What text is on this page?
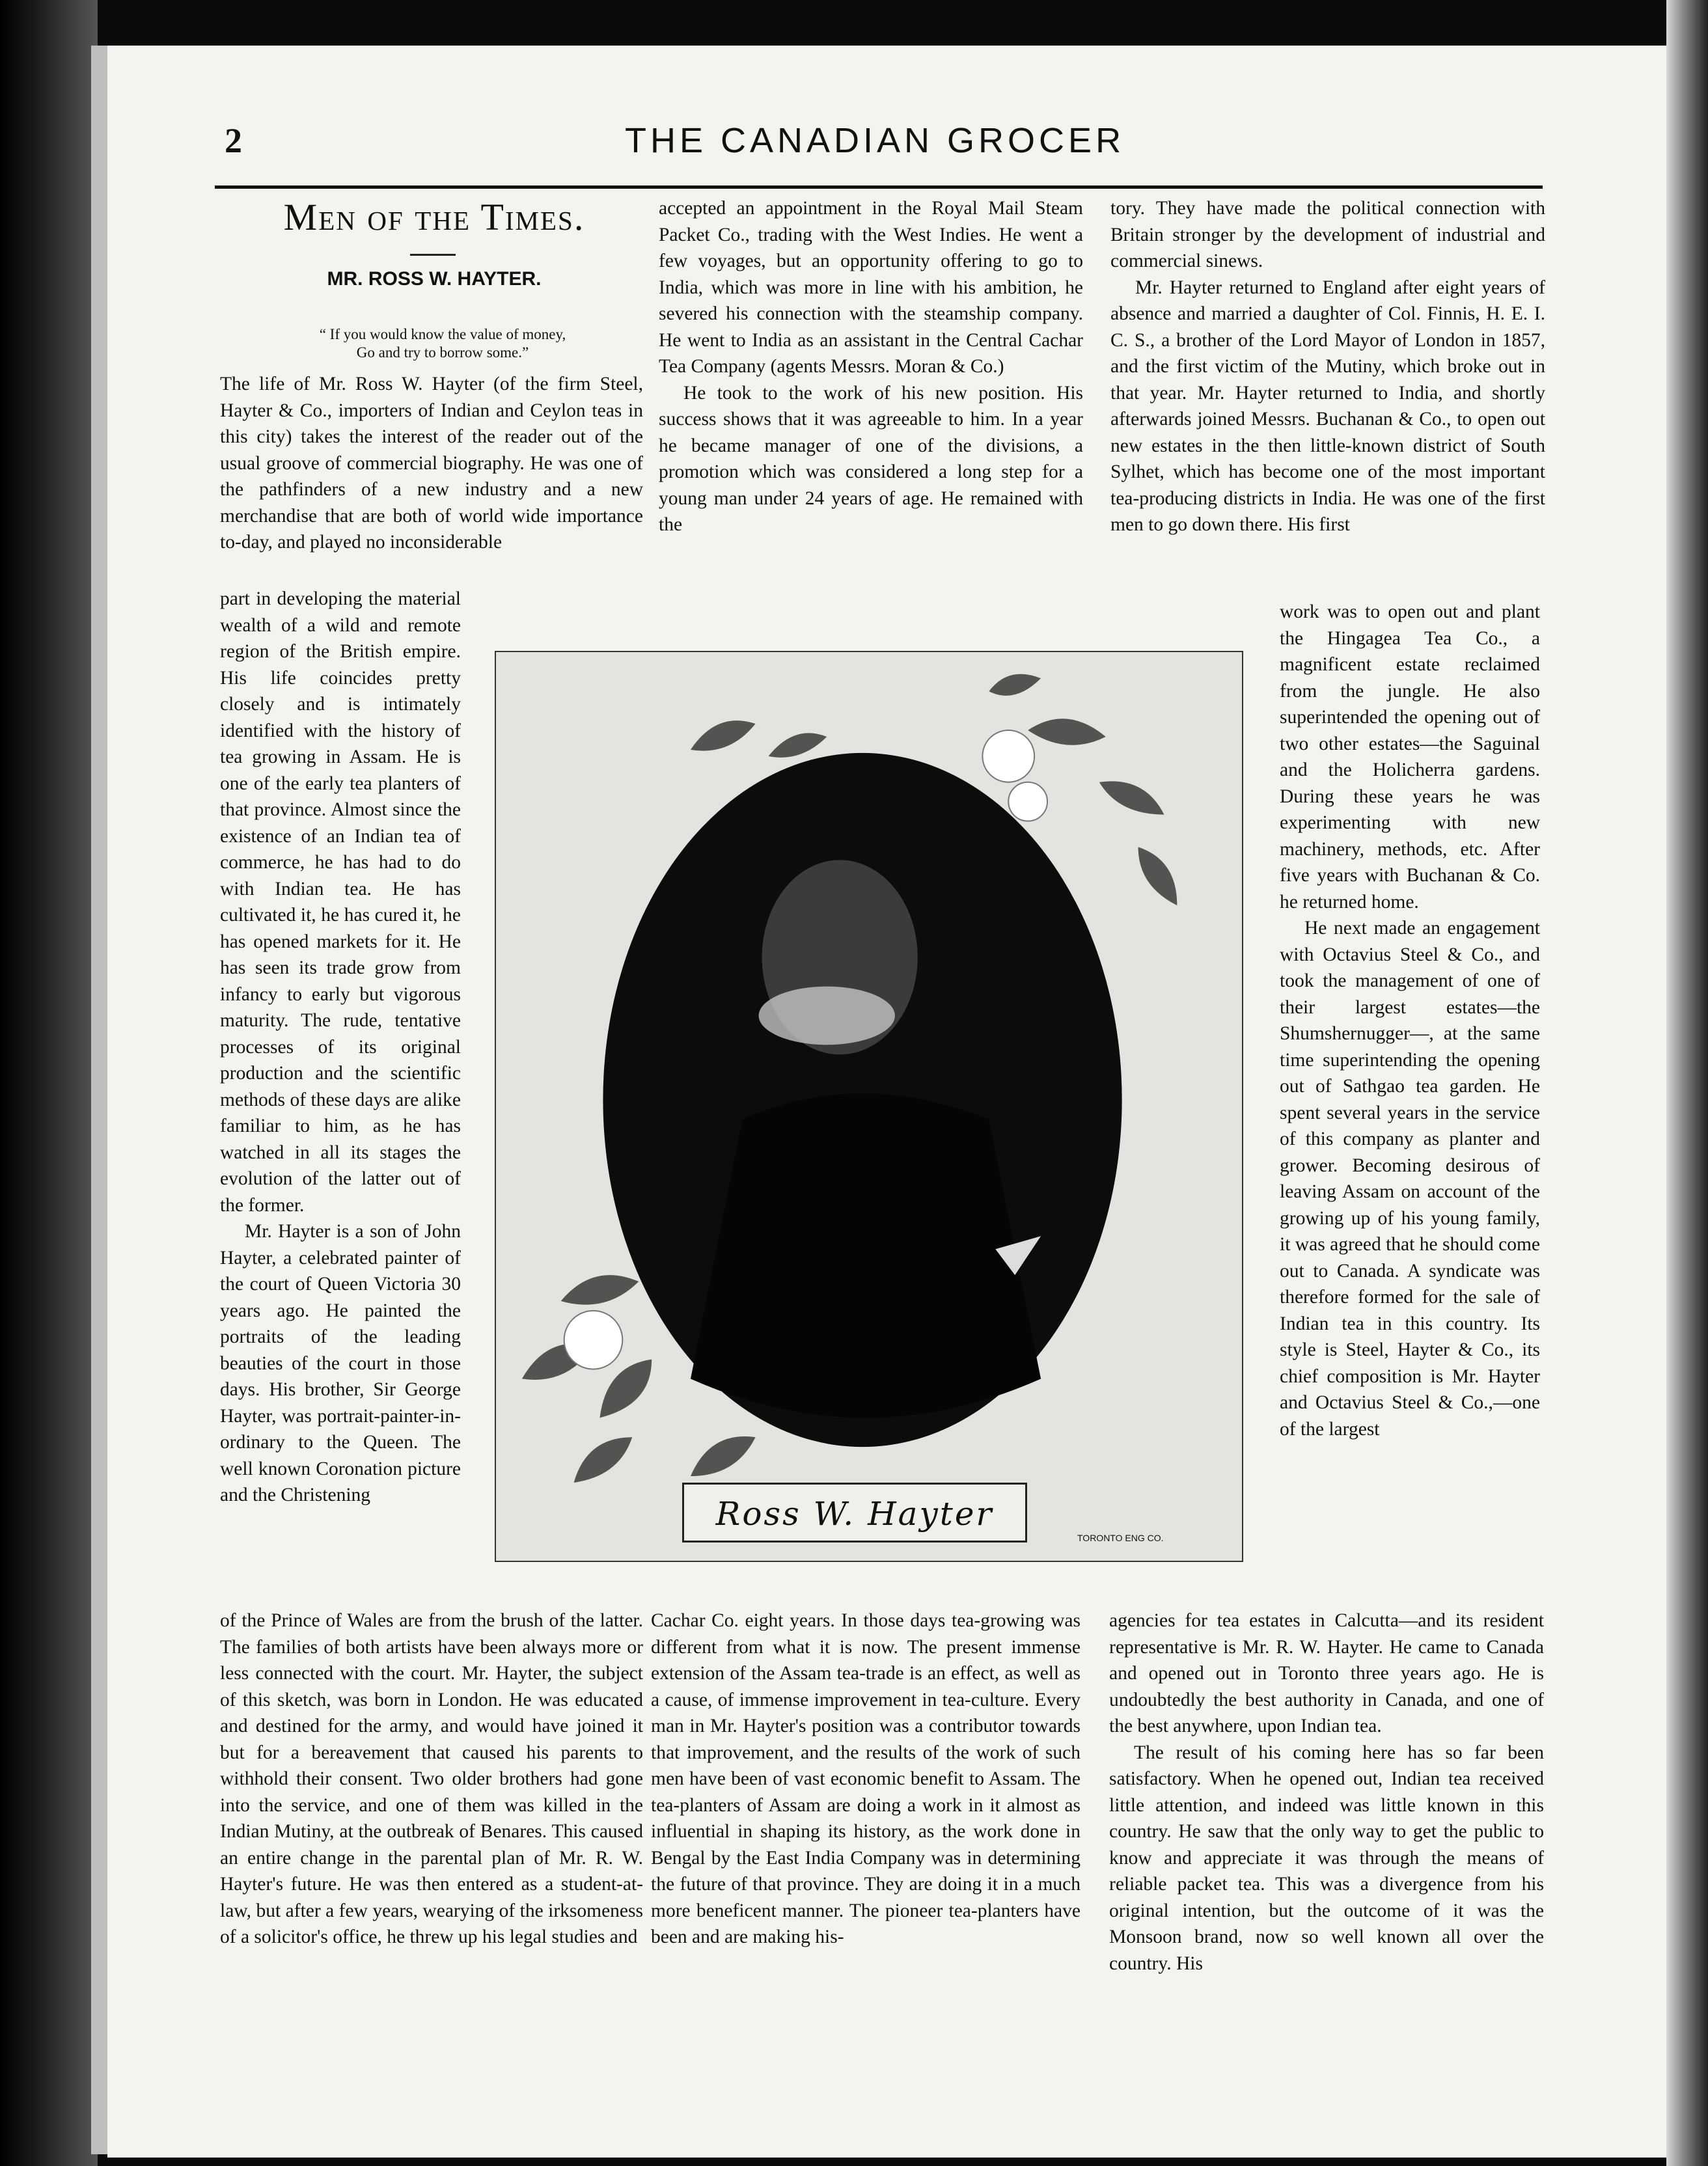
2	THE CANADIAN GROCER
Men of the Times.
MR. ROSS W. HAYTER.
“ If you would know the value of money,
Go and try to borrow some.”

The life of Mr. Ross W. Hayter (of the firm Steel, Hayter & Co., importers of Indian and Ceylon teas in this city) takes the interest of the reader out of the usual groove of commercial biography. He was one of the pathfinders of a new industry and a new merchandise that are both of world wide importance to-day, and played no inconsiderable

part in developing the material wealth of a wild and remote region of the British empire. His life coincides pretty closely and is intimately identified with the history of tea growing in Assam. He is one of the early tea planters of that province. Almost since the existence of an Indian tea of commerce, he has had to do with Indian tea. He has cultivated it, he has cured it, he has opened markets for it. He has seen its trade grow from infancy to early but vigorous maturity. The rude, tentative processes of its original production and the scientific methods of these days are alike familiar to him, as he has watched in all its stages the evolution of the latter out of the former.

Mr. Hayter is a son of John Hayter, a celebrated painter of the court of Queen Victoria 30 years ago. He painted the portraits of the leading beauties of the court in those days. His brother, Sir George Hayter, was portrait-painter-in-ordinary to the Queen. The well known Coronation picture and the Christening

of the Prince of Wales are from the brush of the latter. The families of both artists have been always more or less connected with the court. Mr. Hayter, the subject of this sketch, was born in London. He was educated and destined for the army, and would have joined it but for a bereavement that caused his parents to withhold their consent. Two older brothers had gone into the service, and one of them was killed in the Indian Mutiny, at the outbreak of Benares. This caused an entire change in the parental plan of Mr. R. W. Hayter's future. He was then entered as a student-at-law, but after a few years, wearying of the irksomeness of a solicitor's office, he threw up his legal studies and

accepted an appointment in the Royal Mail Steam Packet Co., trading with the West Indies. He went a few voyages, but an opportunity offering to go to India, which was more in line with his ambition, he severed his connection with the steamship company. He went to India as an assistant in the Central Cachar Tea Company (agents Messrs. Moran & Co.)

He took to the work of his new position. His success shows that it was agreeable to him. In a year he became manager of one of the divisions, a promotion which was considered a long step for a young man under 24 years of age. He remained with the

Cachar Co. eight years. In those days tea-growing was different from what it is now. The present immense extension of the Assam tea-trade is an effect, as well as a cause, of immense improvement in tea-culture. Every man in Mr. Hayter's position was a contributor towards that improvement, and the results of the work of such men have been of vast economic benefit to Assam. The tea-planters of Assam are doing a work in it almost as influential in shaping its history, as the work done in Bengal by the East India Company was in determining the future of that province. They are doing it in a much more beneficent manner. The pioneer tea-planters have been and are making his-

tory. They have made the political connection with Britain stronger by the development of industrial and commercial sinews.

Mr. Hayter returned to England after eight years of absence and married a daughter of Col. Finnis, H. E. I. C. S., a brother of the Lord Mayor of London in 1857, and the first victim of the Mutiny, which broke out in that year. Mr. Hayter returned to India, and shortly afterwards joined Messrs. Buchanan & Co., to open out new estates in the then little-known district of South Sylhet, which has become one of the most important tea-producing districts in India. He was one of the first men to go down there. His first

work was to open out and plant the Hingagea Tea Co., a magnificent estate reclaimed from the jungle. He also superintended the opening out of two other estates—the Saguinal and the Holicherra gardens. During these years he was experimenting with new machinery, methods, etc. After five years with Buchanan & Co. he returned home.

He next made an engagement with Octavius Steel & Co., and took the management of one of their largest estates—the Shumshernugger—, at the same time superintending the opening out of Sathgao tea garden. He spent several years in the service of this company as planter and grower. Becoming desirous of leaving Assam on account of the growing up of his young family, it was agreed that he should come out to Canada. A syndicate was therefore formed for the sale of Indian tea in this country. Its style is Steel, Hayter & Co., its chief composition is Mr. Hayter and Octavius Steel & Co.,—one of the largest

agencies for tea estates in Calcutta—and its resident representative is Mr. R. W. Hayter. He came to Canada and opened out in Toronto three years ago. He is undoubtedly the best authority in Canada, and one of the best anywhere, upon Indian tea.

The result of his coming here has so far been satisfactory. When he opened out, Indian tea received little attention, and indeed was little known in this country. He saw that the only way to get the public to know and appreciate it was through the means of reliable packet tea. This was a divergence from his original intention, but the outcome of it was the Monsoon brand, now so well known all over the country. His

Ross W. Hayter
TORONTO ENG CO.
